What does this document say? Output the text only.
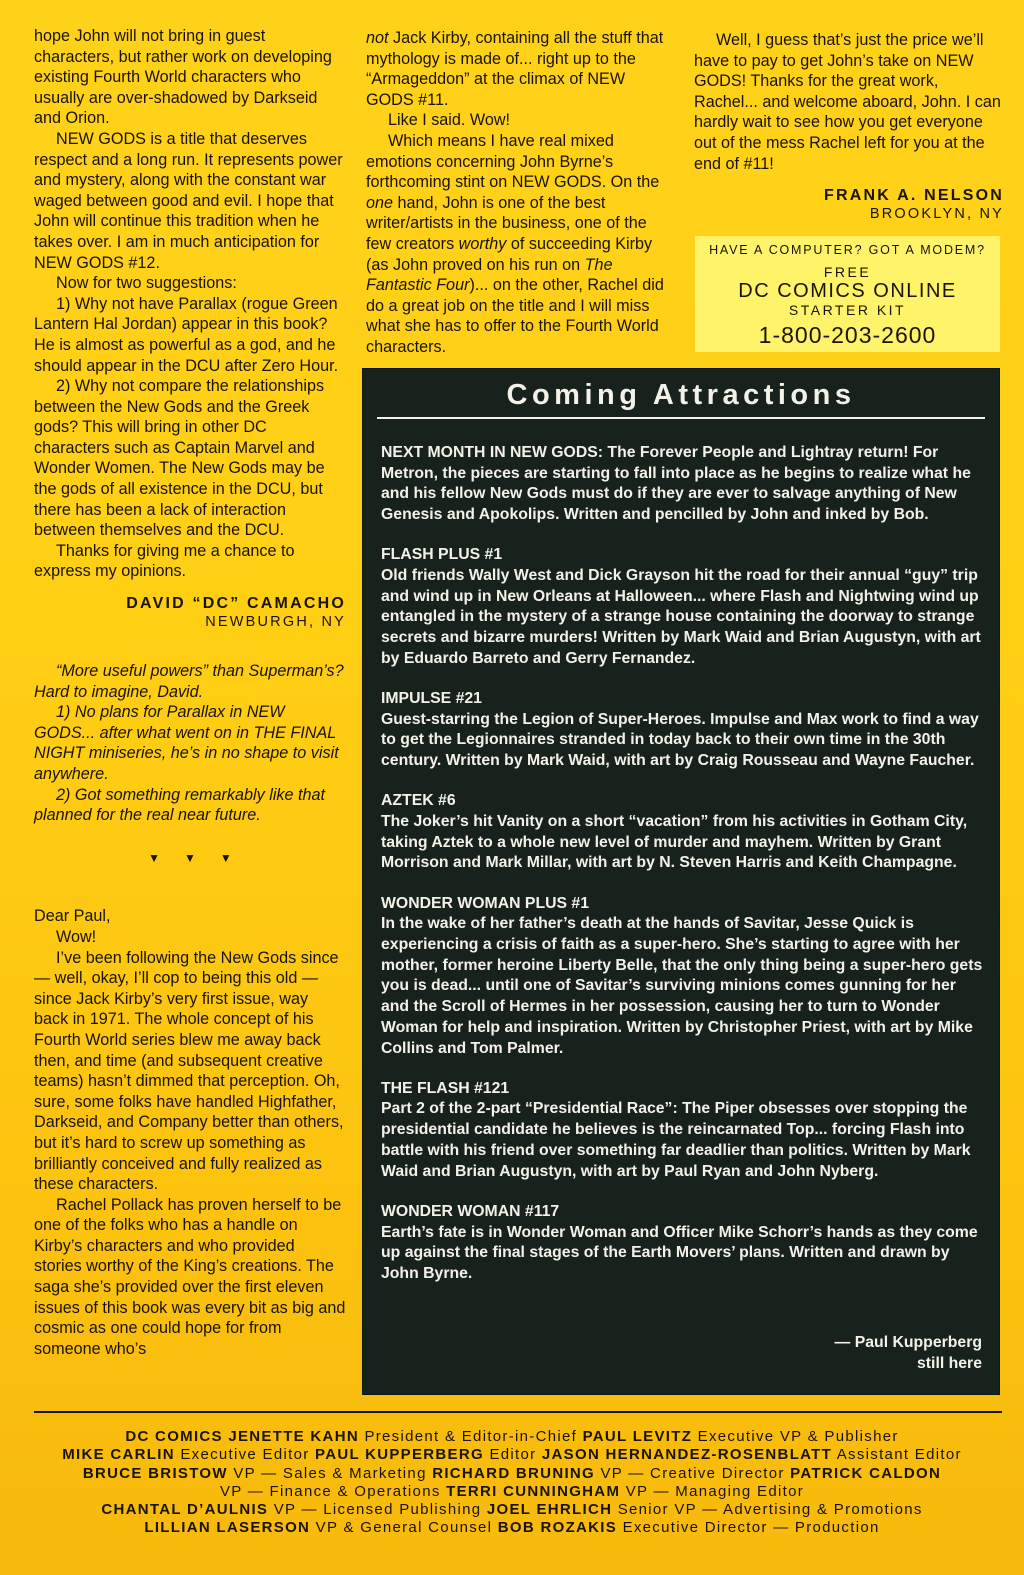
hope John will not bring in guest characters, but rather work on developing existing Fourth World characters who usually are over-shadowed by Darkseid and Orion.

NEW GODS is a title that deserves respect and a long run. It represents power and mystery, along with the constant war waged between good and evil. I hope that John will continue this tradition when he takes over. I am in much anticipation for NEW GODS #12.

Now for two suggestions:

1) Why not have Parallax (rogue Green Lantern Hal Jordan) appear in this book? He is almost as powerful as a god, and he should appear in the DCU after Zero Hour.

2) Why not compare the relationships between the New Gods and the Greek gods? This will bring in other DC characters such as Captain Marvel and Wonder Women. The New Gods may be the gods of all existence in the DCU, but there has been a lack of interaction between themselves and the DCU.

Thanks for giving me a chance to express my opinions.

DAVID “DC” CAMACHO

NEWBURGH, NY

“More useful powers” than Superman’s? Hard to imagine, David.

1) No plans for Parallax in NEW GODS... after what went on in THE FINAL NIGHT miniseries, he’s in no shape to visit anywhere.

2) Got something remarkably like that planned for the real near future.

▼▼▼

Dear Paul,

Wow!

I’ve been following the New Gods since — well, okay, I’ll cop to being this old — since Jack Kirby’s very first issue, way back in 1971. The whole concept of his Fourth World series blew me away back then, and time (and subsequent creative teams) hasn’t dimmed that perception. Oh, sure, some folks have handled Highfather, Darkseid, and Company better than others, but it’s hard to screw up something as brilliantly conceived and fully realized as these characters.

Rachel Pollack has proven herself to be one of the folks who has a handle on Kirby’s characters and who provided stories worthy of the King’s creations. The saga she’s provided over the first eleven issues of this book was every bit as big and cosmic as one could hope for from someone who’s

not Jack Kirby, containing all the stuff that mythology is made of... right up to the “Armageddon” at the climax of NEW GODS #11.

Like I said. Wow!

Which means I have real mixed emotions concerning John Byrne’s forthcoming stint on NEW GODS. On the one hand, John is one of the best writer/artists in the business, one of the few creators worthy of succeeding Kirby (as John proved on his run on The Fantastic Four)... on the other, Rachel did do a great job on the title and I will miss what she has to offer to the Fourth World characters.

Well, I guess that’s just the price we’ll have to pay to get John’s take on NEW GODS! Thanks for the great work, Rachel... and welcome aboard, John. I can hardly wait to see how you get everyone out of the mess Rachel left for you at the end of #11!

FRANK A. NELSON

BROOKLYN, NY

HAVE A COMPUTER? GOT A MODEM?
FREE
DC COMICS ONLINE
STARTER KIT
1-800-203-2600
Coming Attractions
NEXT MONTH IN NEW GODS: The Forever People and Lightray return! For Metron, the pieces are starting to fall into place as he begins to realize what he and his fellow New Gods must do if they are ever to salvage anything of New Genesis and Apokolips. Written and pencilled by John and inked by Bob.
FLASH PLUS #1
Old friends Wally West and Dick Grayson hit the road for their annual “guy” trip and wind up in New Orleans at Halloween... where Flash and Nightwing wind up entangled in the mystery of a strange house containing the doorway to strange secrets and bizarre murders! Written by Mark Waid and Brian Augustyn, with art by Eduardo Barreto and Gerry Fernandez.
IMPULSE #21
Guest-starring the Legion of Super-Heroes. Impulse and Max work to find a way to get the Legionnaires stranded in today back to their own time in the 30th century. Written by Mark Waid, with art by Craig Rousseau and Wayne Faucher.
AZTEK #6
The Joker’s hit Vanity on a short “vacation” from his activities in Gotham City, taking Aztek to a whole new level of murder and mayhem. Written by Grant Morrison and Mark Millar, with art by N. Steven Harris and Keith Champagne.
WONDER WOMAN PLUS #1
In the wake of her father’s death at the hands of Savitar, Jesse Quick is experiencing a crisis of faith as a super-hero. She’s starting to agree with her mother, former heroine Liberty Belle, that the only thing being a super-hero gets you is dead... until one of Savitar’s surviving minions comes gunning for her and the Scroll of Hermes in her possession, causing her to turn to Wonder Woman for help and inspiration. Written by Christopher Priest, with art by Mike Collins and Tom Palmer.
THE FLASH #121
Part 2 of the 2-part “Presidential Race”: The Piper obsesses over stopping the presidential candidate he believes is the reincarnated Top... forcing Flash into battle with his friend over something far deadlier than politics. Written by Mark Waid and Brian Augustyn, with art by Paul Ryan and John Nyberg.
WONDER WOMAN #117
Earth’s fate is in Wonder Woman and Officer Mike Schorr’s hands as they come up against the final stages of the Earth Movers’ plans. Written and drawn by John Byrne.
— Paul Kupperberg
still here
DC COMICS JENETTE KAHN President & Editor-in-Chief PAUL LEVITZ Executive VP & Publisher
MIKE CARLIN Executive Editor PAUL KUPPERBERG Editor JASON HERNANDEZ-ROSENBLATT Assistant Editor
BRUCE BRISTOW VP — Sales & Marketing RICHARD BRUNING VP — Creative Director PATRICK CALDON
VP — Finance & Operations TERRI CUNNINGHAM VP — Managing Editor
CHANTAL D’AULNIS VP — Licensed Publishing JOEL EHRLICH Senior VP — Advertising & Promotions
LILLIAN LASERSON VP & General Counsel BOB ROZAKIS Executive Director — Production
